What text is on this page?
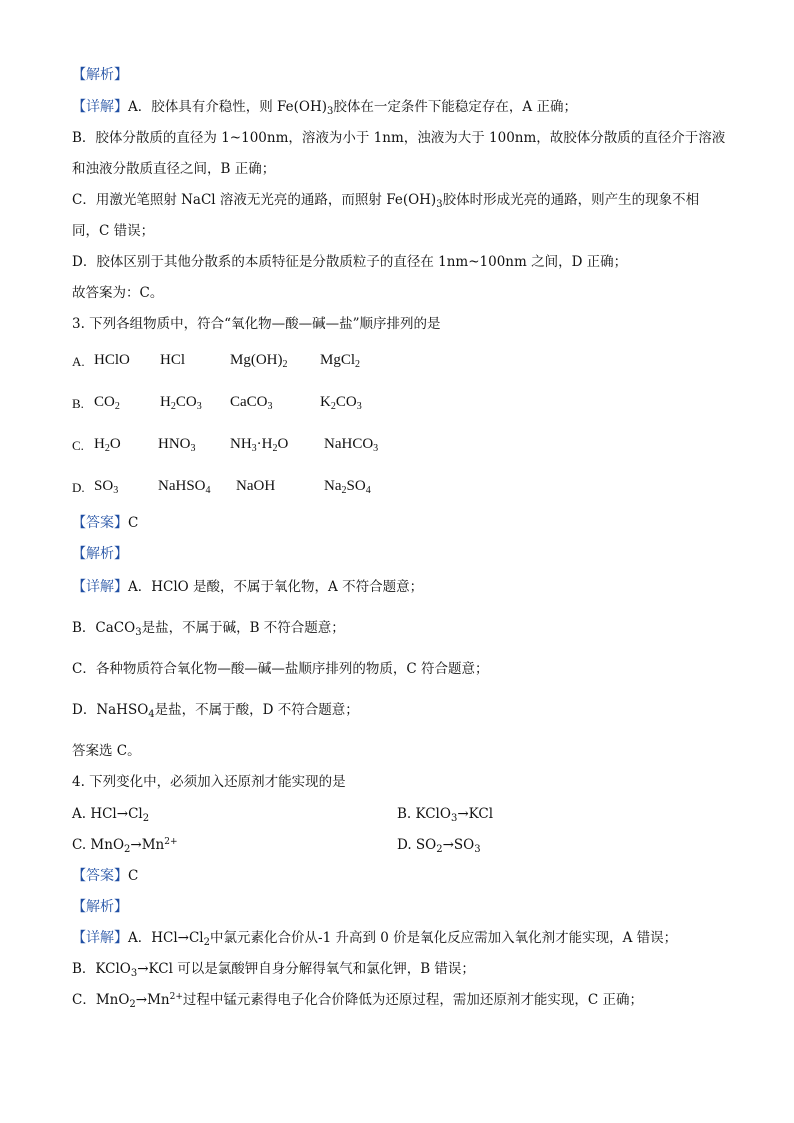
【解析】
【详解】A．胶体具有介稳性，则 $Fe(OH)_3$胶体在一定条件下能稳定存在，A 正确；
B．胶体分散质的直径为 1~100nm，溶液为小于 1nm，浊液为大于 100nm，故胶体分散质的直径介于溶液
和浊液分散质直径之间，B 正确；
C．用激光笔照射 NaCl 溶液无光亮的通路，而照射 $Fe(OH)_3$胶体时形成光亮的通路，则产生的现象不相
同，C 错误；
D．胶体区别于其他分散系的本质特征是分散质粒子的直径在 1nm~100nm 之间，D 正确；
故答案为：C。
3. 下列各组物质中，符合“氧化物—酸—碱—盐”顺序排列的是
A. HClO HCl	$Mg(OH)_2$ MgCl$_2$
B. $CO_2$	$H_2CO_3$ CaCO$_3$	$K_2CO_3$
C. $H_2O$ $HNO_3$ $NH_3\cdot H_2O$ NaHCO$_3$
D. $SO_3$	NaHSO$_4$ NaOH	$Na_2SO_4$
【答案】C
【解析】
【详解】A．HClO 是酸，不属于氧化物，A 不符合题意；
B．CaCO$_3$是盐，不属于碱，B 不符合题意；
C．各种物质符合氧化物—酸—碱—盐顺序排列的物质，C 符合题意；
D．NaHSO$_4$是盐，不属于酸，D 不符合题意；
答案选 C。
4. 下列变化中，必须加入还原剂才能实现的是
A. $HCl\to Cl_2$	B. KClO$_3$→KCl
C. $MnO_2\to Mn^{2+}$	D. $SO_2\to SO_3$
【答案】C
【解析】
【详解】A．$HCl\to Cl_2$中氯元素化合价从-1 升高到 0 价是氧化反应需加入氧化剂才能实现，A 错误；
B．KClO$_3$→KCl 可以是氯酸钾自身分解得氧气和氯化钾，B 错误；
C．$MnO_2\to Mn^{2+}$过程中锰元素得电子化合价降低为还原过程，需加还原剂才能实现，C 正确；
